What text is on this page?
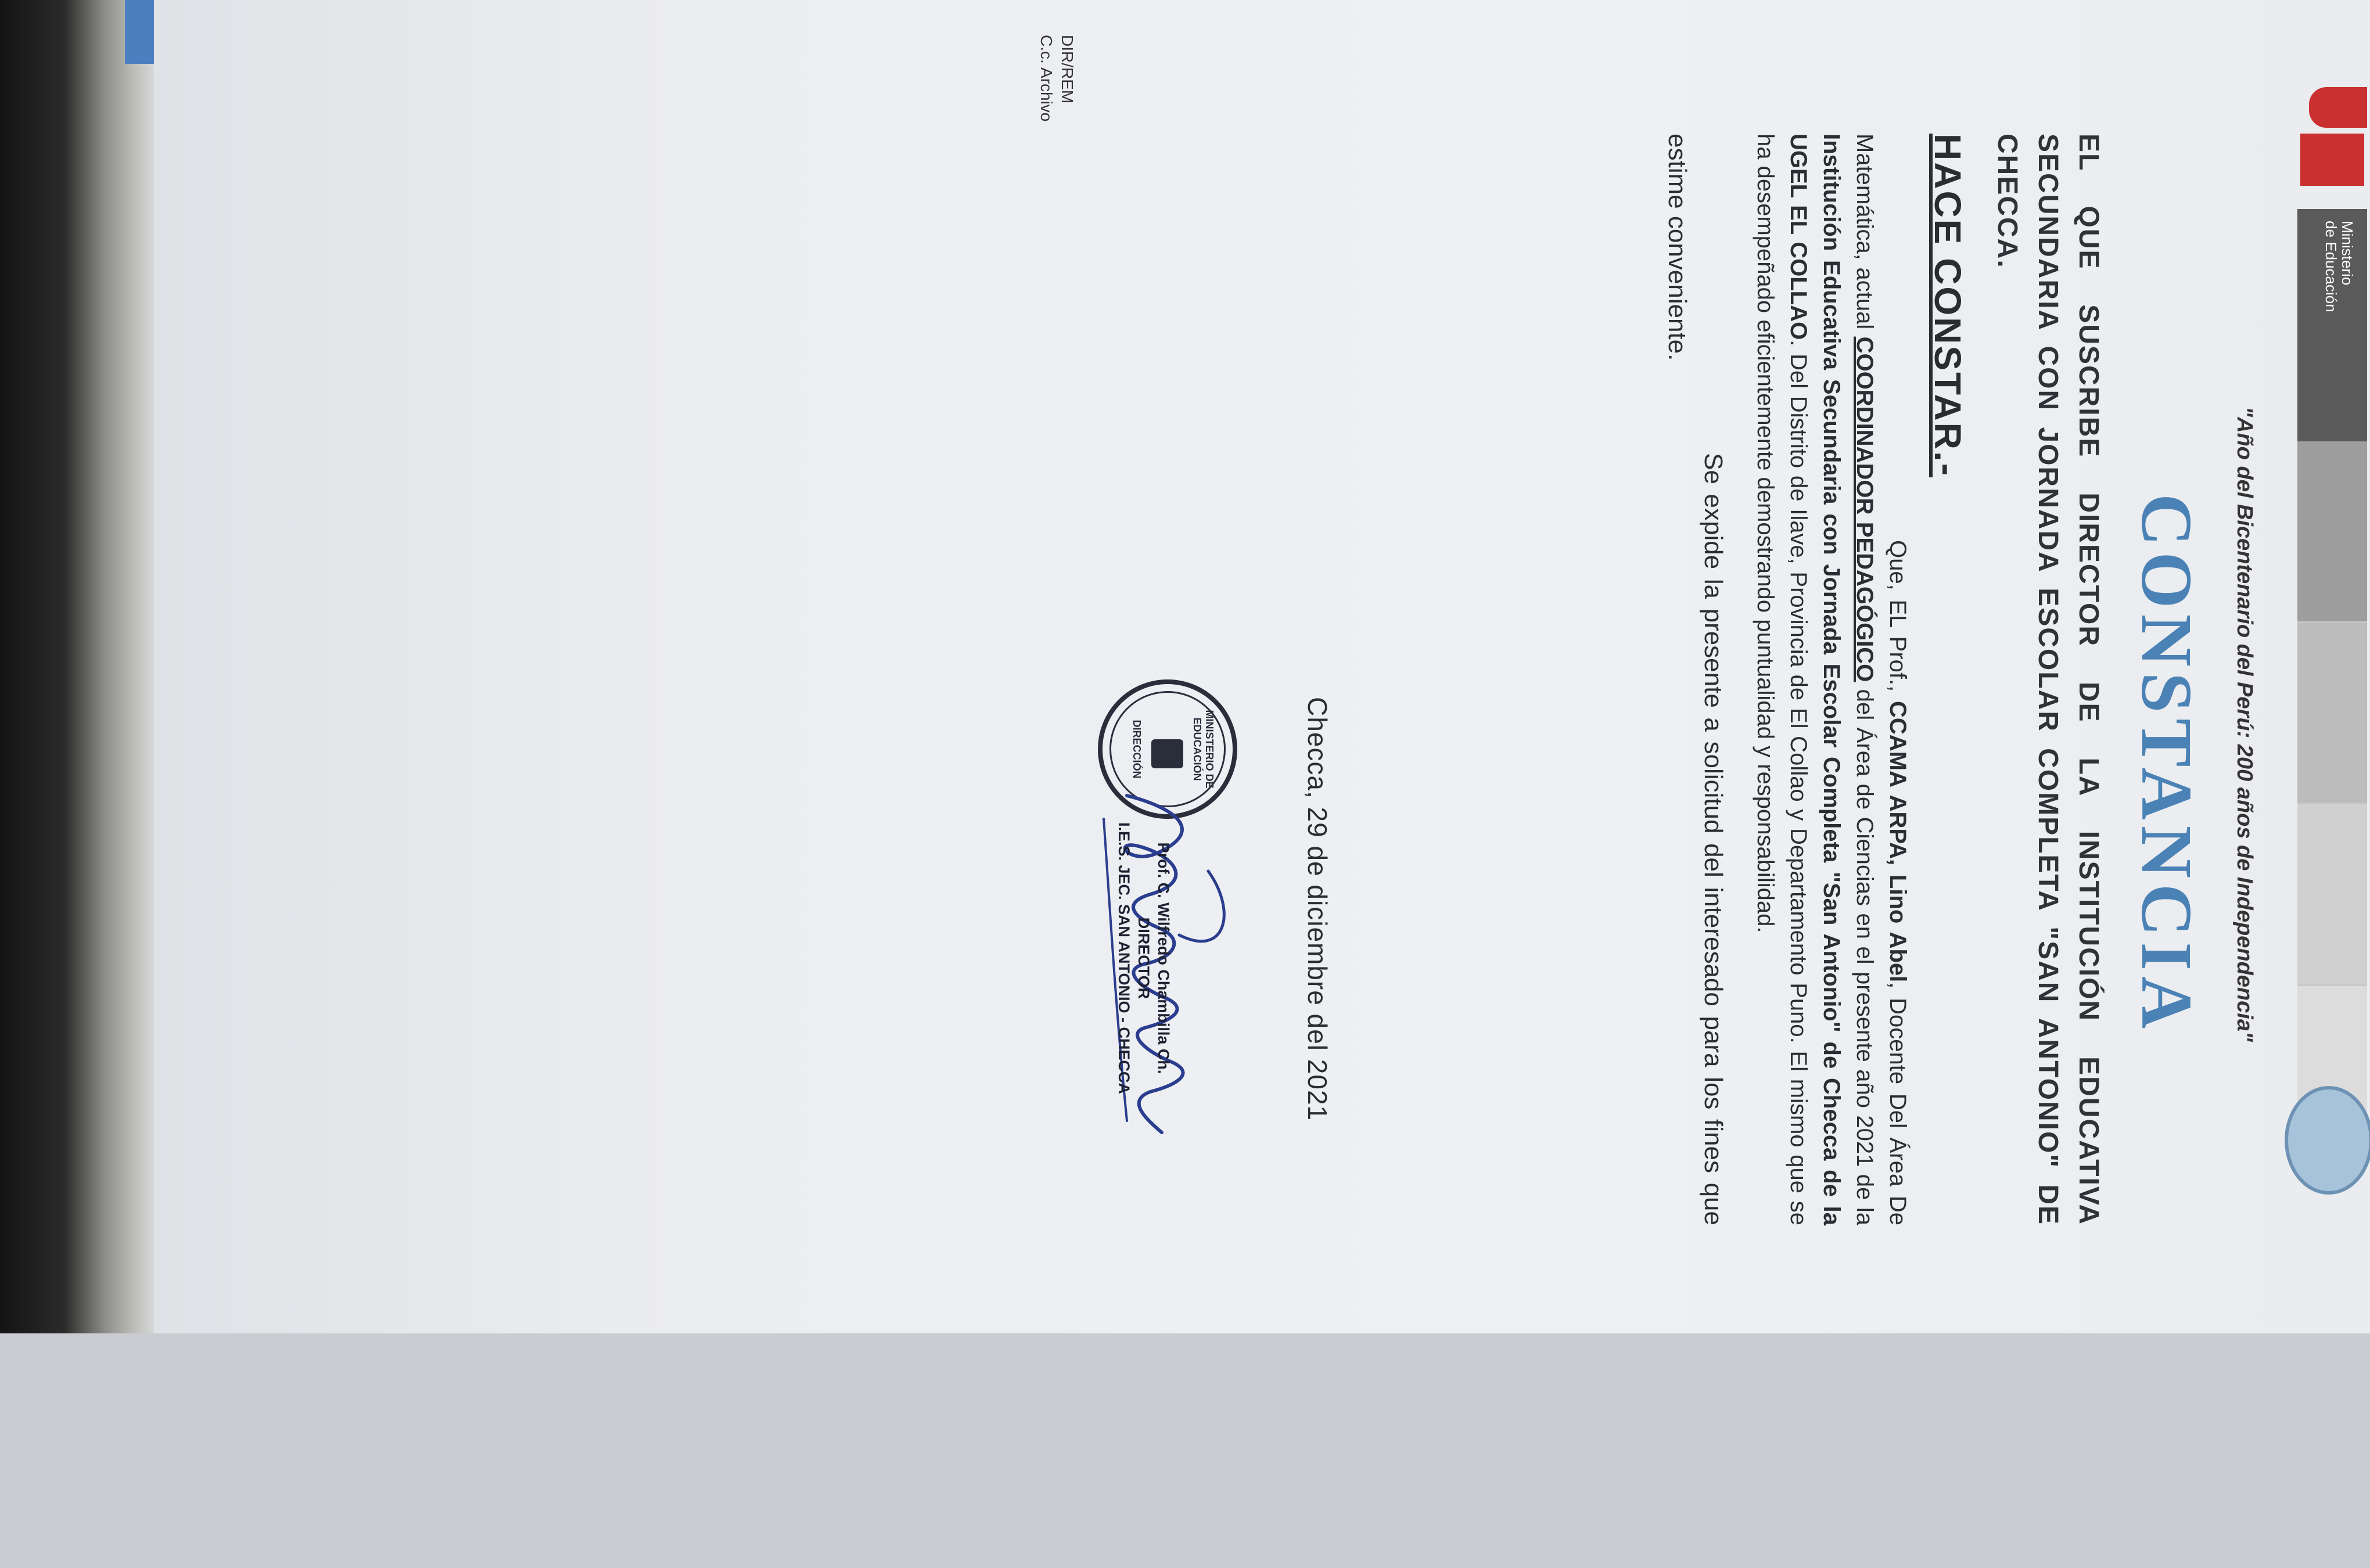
Ministerio
de Educación
"Año del Bicentenario del Perú: 200 años de Independencia"
CONSTANCIA
EL QUE SUSCRIBE DIRECTOR DE LA INSTITUCIÓN EDUCATIVA SECUNDARIA CON JORNADA ESCOLAR COMPLETA "SAN ANTONIO" DE CHECCA.
HACE CONSTAR.-

Que, EL Prof., CCAMA ARPA, Lino Abel, Docente Del Área De Matemática, actual COORDINADOR PEDAGÓGICO del Área de Ciencias en el presente año 2021 de la Institución Educativa Secundaria con Jornada Escolar Completa "San Antonio" de Checca de la UGEL EL COLLAO. Del Distrito de Ilave, Provincia de El Collao y Departamento Puno. El mismo que se ha desempeñado eficientemente demostrando puntualidad y responsabilidad.

Se expide la presente a solicitud del interesado para los fines que estime conveniente.

Checca, 29 de diciembre del 2021
MINISTERIO DE EDUCACIÓN
DIRECCIÓN
Prof. C. Wilfredo Chambilla Ch.
DIRECTOR
I.E.S. JEC. SAN ANTONIO - CHECCA
DIR/REM
C.c. Archivo
